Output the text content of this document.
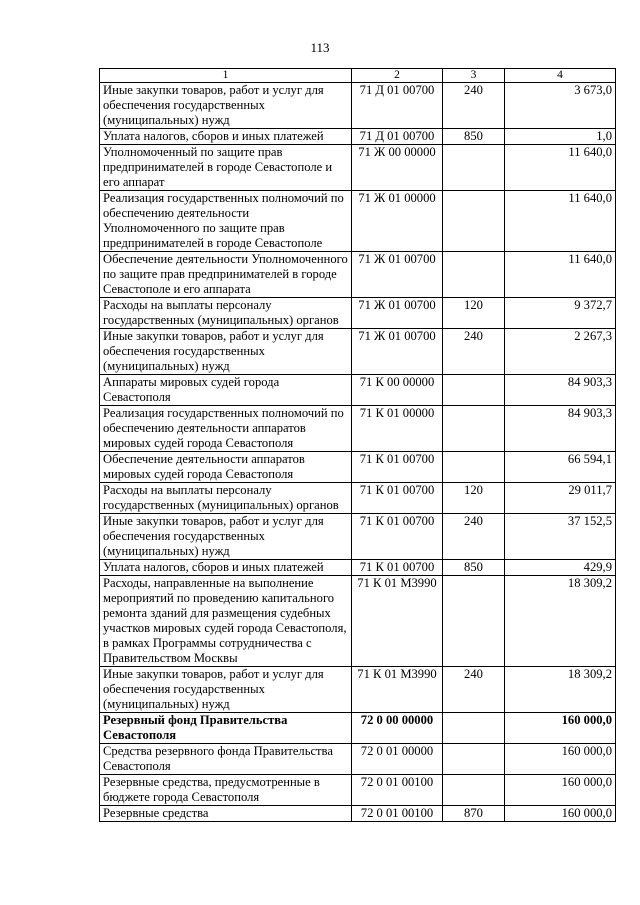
113
1	2	3	4
Иные закупки товаров, работ и услуг для обеспечения государственных (муниципальных) нужд	71 Д 01 00700	240	3 673,0
Уплата налогов, сборов и иных платежей	71 Д 01 00700	850	1,0
Уполномоченный по защите прав предпринимателей в городе Севастополе и его аппарат	71 Ж 00 00000		11 640,0
Реализация государственных полномочий по обеспечению деятельности Уполномоченного по защите прав предпринимателей в городе Севастополе	71 Ж 01 00000		11 640,0
Обеспечение деятельности Уполномоченного по защите прав предпринимателей в городе Севастополе и его аппарата	71 Ж 01 00700		11 640,0
Расходы на выплаты персоналу государственных (муниципальных) органов	71 Ж 01 00700	120	9 372,7
Иные закупки товаров, работ и услуг для обеспечения государственных (муниципальных) нужд	71 Ж 01 00700	240	2 267,3
Аппараты мировых судей города Севастополя	71 К 00 00000		84 903,3
Реализация государственных полномочий по обеспечению деятельности аппаратов мировых судей города Севастополя	71 К 01 00000		84 903,3
Обеспечение деятельности аппаратов мировых судей города Севастополя	71 К 01 00700		66 594,1
Расходы на выплаты персоналу государственных (муниципальных) органов	71 К 01 00700	120	29 011,7
Иные закупки товаров, работ и услуг для обеспечения государственных (муниципальных) нужд	71 К 01 00700	240	37 152,5
Уплата налогов, сборов и иных платежей	71 К 01 00700	850	429,9
Расходы, направленные на выполнение мероприятий по проведению капитального ремонта зданий для размещения судебных участков мировых судей города Севастополя, в рамках Программы сотрудничества с Правительством Москвы	71 К 01 М3990		18 309,2
Иные закупки товаров, работ и услуг для обеспечения государственных (муниципальных) нужд	71 К 01 М3990	240	18 309,2
Резервный фонд Правительства Севастополя	72 0 00 00000		160 000,0
Средства резервного фонда Правительства Севастополя	72 0 01 00000		160 000,0
Резервные средства, предусмотренные в бюджете города Севастополя	72 0 01 00100		160 000,0
Резервные средства	72 0 01 00100	870	160 000,0
